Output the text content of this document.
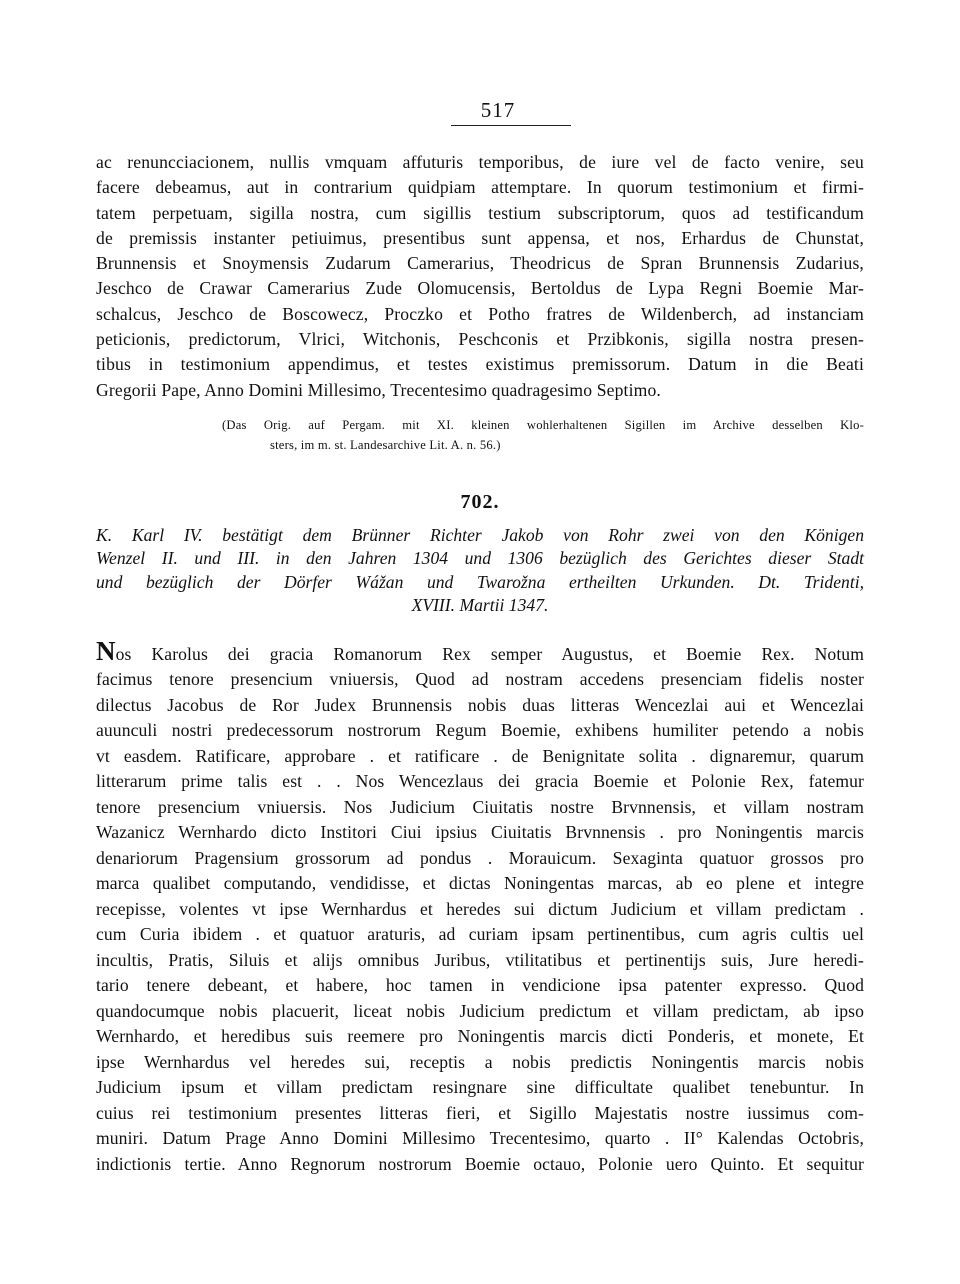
517
ac renuncciacionem, nullis vmquam affuturis temporibus, de iure vel de facto venire, seu
facere debeamus, aut in contrarium quidpiam attemptare. In quorum testimonium et firmi-
tatem perpetuam, sigilla nostra, cum sigillis testium subscriptorum, quos ad testificandum
de premissis instanter petiuimus, presentibus sunt appensa, et nos, Erhardus de Chunstat,
Brunnensis et Snoymensis Zudarum Camerarius, Theodricus de Spran Brunnensis Zudarius,
Jeschco de Crawar Camerarius Zude Olomucensis, Bertoldus de Lypa Regni Boemie Mar-
schalcus, Jeschco de Boscowecz, Proczko et Potho fratres de Wildenberch, ad instanciam
peticionis, predictorum, Vlrici, Witchonis, Peschconis et Przibkonis, sigilla nostra presen-
tibus in testimonium appendimus, et testes existimus premissorum. Datum in die Beati
Gregorii Pape, Anno Domini Millesimo, Trecentesimo quadragesimo Septimo.
(Das Orig. auf Pergam. mit XI. kleinen wohlerhaltenen Sigillen im Archive desselben Klo-
sters, im m. st. Landesarchive Lit. A. n. 56.)
702.
K. Karl IV. bestätigt dem Brünner Richter Jakob von Rohr zwei von den Königen
Wenzel II. und III. in den Jahren 1304 und 1306 bezüglich des Gerichtes dieser Stadt
und bezüglich der Dörfer Wážan und Twarožna ertheilten Urkunden. Dt. Tridenti,
XVIII. Martii 1347.
Nos Karolus dei gracia Romanorum Rex semper Augustus, et Boemie Rex. Notum
facimus tenore presencium vniuersis, Quod ad nostram accedens presenciam fidelis noster
dilectus Jacobus de Ror Judex Brunnensis nobis duas litteras Wencezlai aui et Wencezlai
auunculi nostri predecessorum nostrorum Regum Boemie, exhibens humiliter petendo a nobis
vt easdem. Ratificare, approbare . et ratificare . de Benignitate solita . dignaremur, quarum
litterarum prime talis est . . Nos Wencezlaus dei gracia Boemie et Polonie Rex, fatemur
tenore presencium vniuersis. Nos Judicium Ciuitatis nostre Brvnnensis, et villam nostram
Wazanicz Wernhardo dicto Institori Ciui ipsius Ciuitatis Brvnnensis . pro Noningentis marcis
denariorum Pragensium grossorum ad pondus . Morauicum. Sexaginta quatuor grossos pro
marca qualibet computando, vendidisse, et dictas Noningentas marcas, ab eo plene et integre
recepisse, volentes vt ipse Wernhardus et heredes sui dictum Judicium et villam predictam .
cum Curia ibidem . et quatuor araturis, ad curiam ipsam pertinentibus, cum agris cultis uel
incultis, Pratis, Siluis et alijs omnibus Juribus, vtilitatibus et pertinentijs suis, Jure heredi-
tario tenere debeant, et habere, hoc tamen in vendicione ipsa patenter expresso. Quod
quandocumque nobis placuerit, liceat nobis Judicium predictum et villam predictam, ab ipso
Wernhardo, et heredibus suis reemere pro Noningentis marcis dicti Ponderis, et monete, Et
ipse Wernhardus vel heredes sui, receptis a nobis predictis Noningentis marcis nobis
Judicium ipsum et villam predictam resingnare sine difficultate qualibet tenebuntur. In
cuius rei testimonium presentes litteras fieri, et Sigillo Majestatis nostre iussimus com-
muniri. Datum Prage Anno Domini Millesimo Trecentesimo, quarto . II° Kalendas Octobris,
indictionis tertie. Anno Regnorum nostrorum Boemie octauo, Polonie uero Quinto. Et sequitur
